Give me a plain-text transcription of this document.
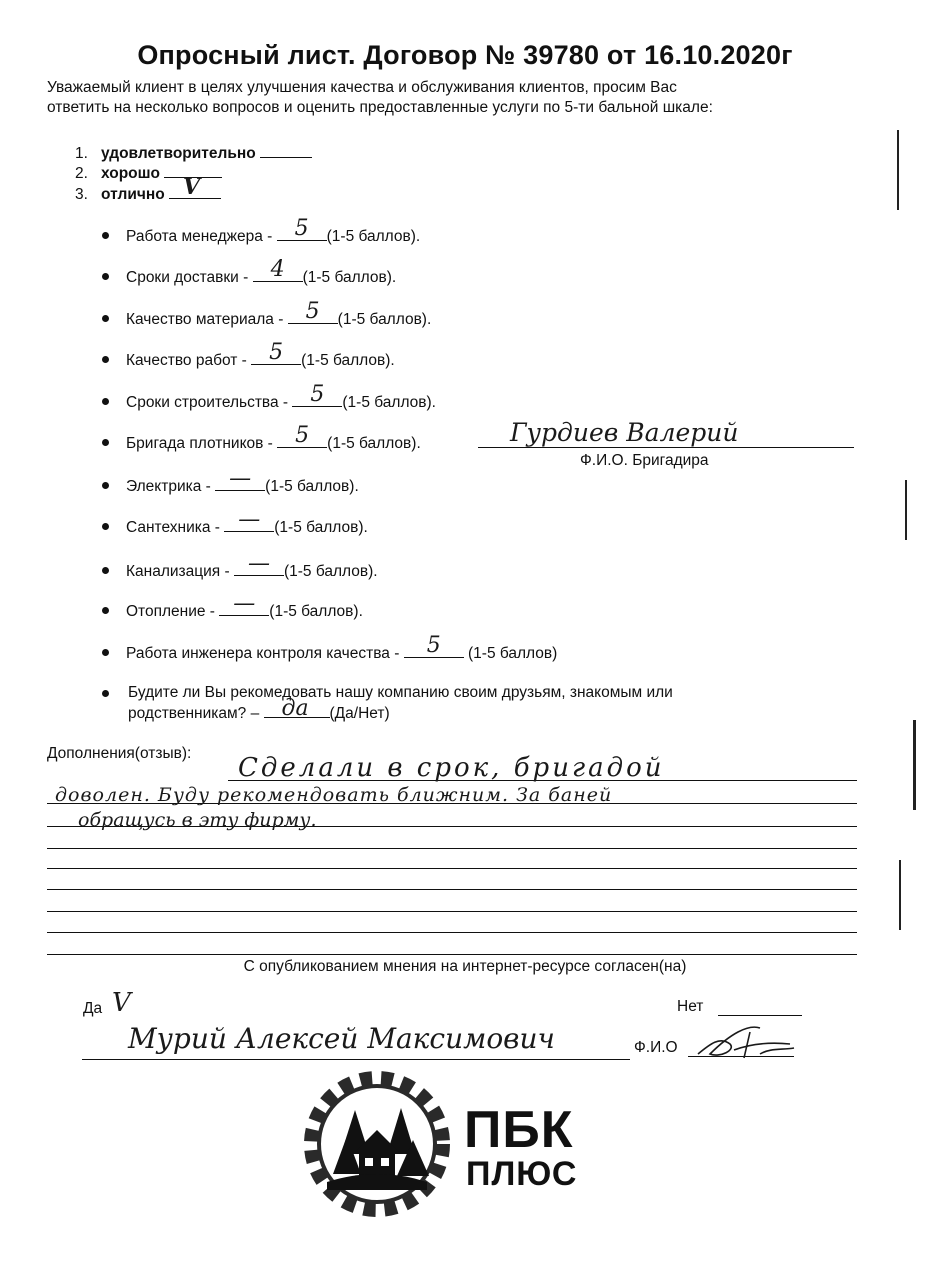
Опросный лист. Договор № 39780 от 16.10.2020г
Уважаемый клиент в целях улучшения качества и обслуживания клиентов, просим Вас
ответить на несколько вопросов и оценить предоставленные услуги по 5-ти бальной шкале:
1. удовлетворительно
2. хорошо
3. отлично V
Работа менеджера -	5	(1-5 баллов).
Сроки доставки -	4	(1-5 баллов).
Качество материала -	5	(1-5 баллов).
Качество работ -	5	(1-5 баллов).
Сроки строительства -	5	(1-5 баллов).
Бригада плотников -	5	(1-5 баллов).	Гурдиев Валерий
Ф.И.О. Бригадира
Электрика - — (1-5 баллов).
Сантехника - — (1-5 баллов).
Канализация - — (1-5 баллов).
Отопление - — (1-5 баллов).
Работа инженера контроля качества -	5	(1-5 баллов)
Будите ли Вы рекомедовать нашу компанию своим друзьям, знакомым или
родственникам? – да (Да/Нет)
Дополнения(отзыв): Сделали в срок, бригадой
доволен. Буду рекомендовать ближним. За баней
обращусь в эту фирму.
С опубликованием мнения на интернет-ресурсе согласен(на)
Да V	Нет
Мурий Алексей Максимович	Ф.И.О
ПБК
ПЛЮС
